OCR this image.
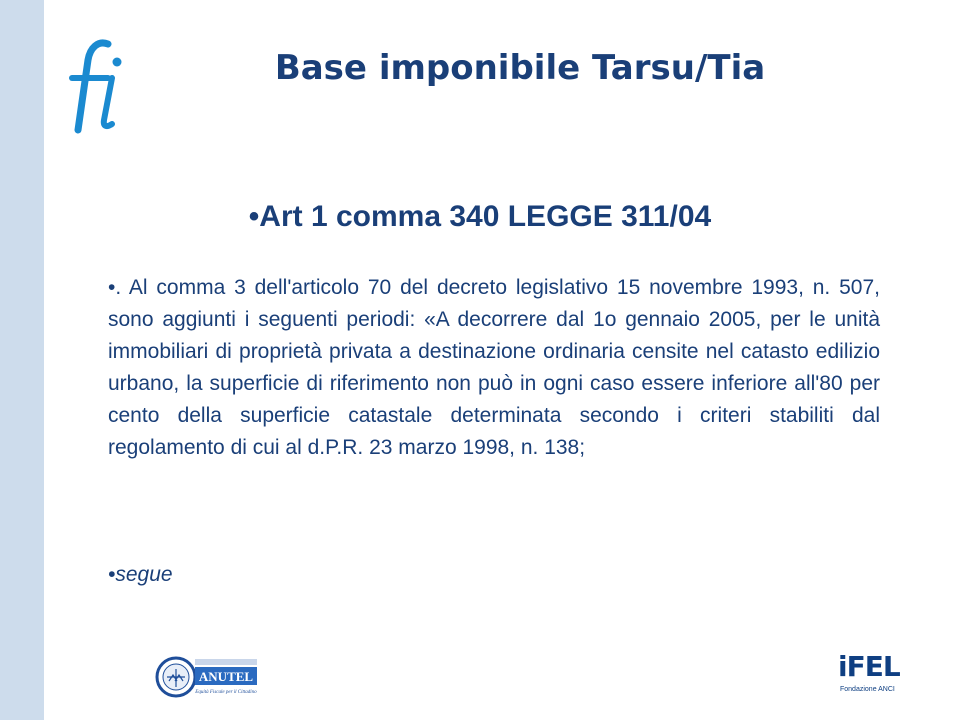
Base imponibile Tarsu/Tia
•Art 1 comma 340 LEGGE 311/04

•. Al comma 3 dell'articolo 70 del decreto legislativo 15 novembre 1993, n. 507, sono aggiunti i seguenti periodi: «A decorrere dal 1o gennaio 2005, per le unità immobiliari di proprietà privata a destinazione ordinaria censite nel catasto edilizio urbano, la superficie di riferimento non può in ogni caso essere inferiore all'80 per cento della superficie catastale determinata secondo i criteri stabiliti dal regolamento di cui al d.P.R. 23 marzo 1998, n. 138;

•segue

ANUTEL
Equità Fiscale per il Cittadino
iFEL
Fondazione ANCI
